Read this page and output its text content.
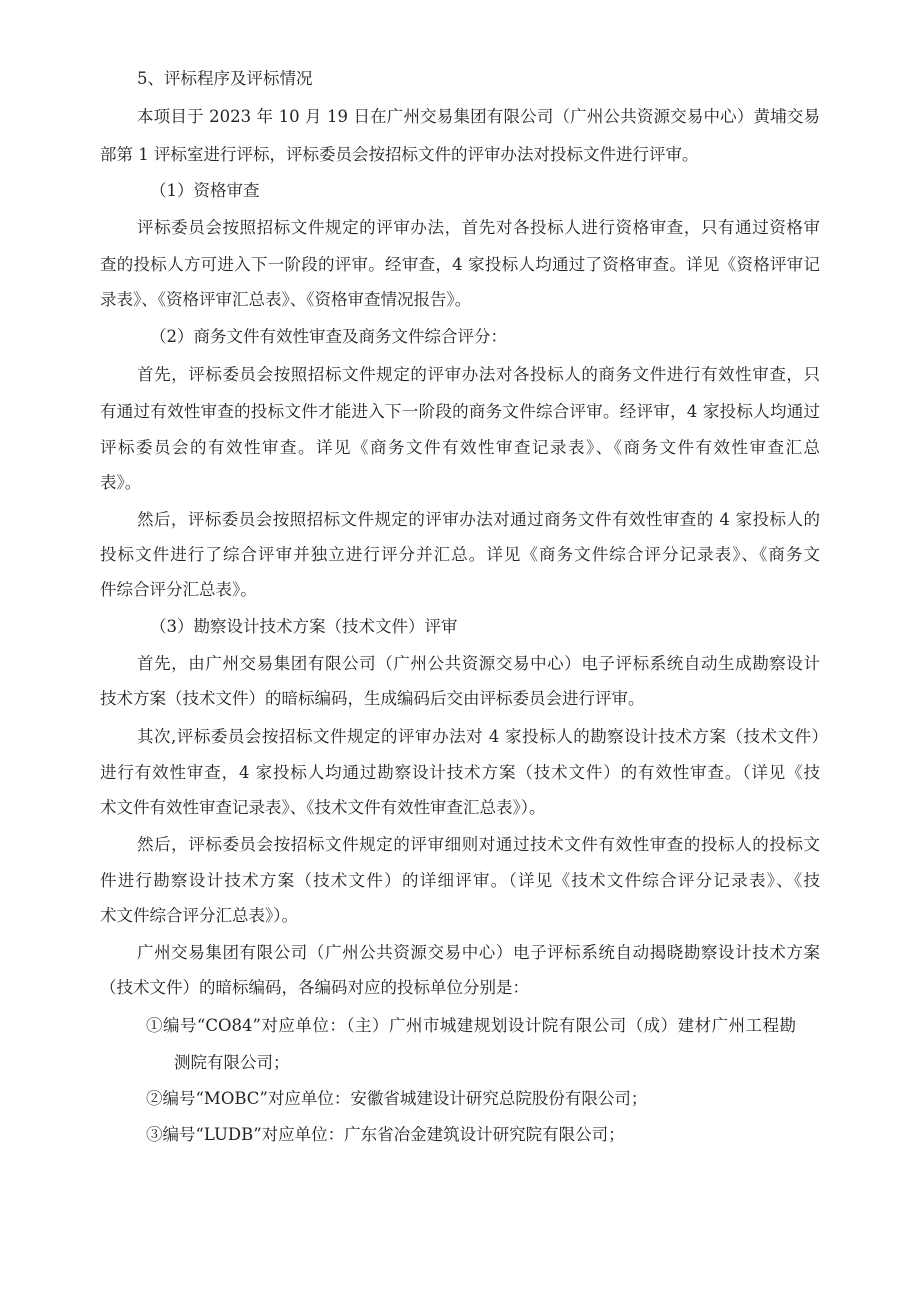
5、评标程序及评标情况
本项目于 2023 年 10 月 19 日在广州交易集团有限公司（广州公共资源交易中心）黄埔交易
部第 1 评标室进行评标，评标委员会按招标文件的评审办法对投标文件进行评审。
（1）资格审查
评标委员会按照招标文件规定的评审办法，首先对各投标人进行资格审查，只有通过资格审
查的投标人方可进入下一阶段的评审。经审查，4 家投标人均通过了资格审查。详见《资格评审记
录表》、《资格评审汇总表》、《资格审查情况报告》。
（2）商务文件有效性审查及商务文件综合评分：
首先，评标委员会按照招标文件规定的评审办法对各投标人的商务文件进行有效性审查，只
有通过有效性审查的投标文件才能进入下一阶段的商务文件综合评审。经评审，4 家投标人均通过
评标委员会的有效性审查。详见《商务文件有效性审查记录表》、《商务文件有效性审查汇总
表》。
然后，评标委员会按照招标文件规定的评审办法对通过商务文件有效性审查的 4 家投标人的
投标文件进行了综合评审并独立进行评分并汇总。详见《商务文件综合评分记录表》、《商务文
件综合评分汇总表》。
（3）勘察设计技术方案（技术文件）评审
首先，由广州交易集团有限公司（广州公共资源交易中心）电子评标系统自动生成勘察设计
技术方案（技术文件）的暗标编码，生成编码后交由评标委员会进行评审。
其次,评标委员会按招标文件规定的评审办法对 4 家投标人的勘察设计技术方案（技术文件）
进行有效性审查，4 家投标人均通过勘察设计技术方案（技术文件）的有效性审查。（详见《技
术文件有效性审查记录表》、《技术文件有效性审查汇总表》）。
然后，评标委员会按招标文件规定的评审细则对通过技术文件有效性审查的投标人的投标文
件进行勘察设计技术方案（技术文件）的详细评审。（详见《技术文件综合评分记录表》、《技
术文件综合评分汇总表》）。
广州交易集团有限公司（广州公共资源交易中心）电子评标系统自动揭晓勘察设计技术方案
（技术文件）的暗标编码，各编码对应的投标单位分别是：
①编号“CO84”对应单位：（主）广州市城建规划设计院有限公司（成）建材广州工程勘
测院有限公司；
②编号“MOBC”对应单位：安徽省城建设计研究总院股份有限公司；
③编号“LUDB”对应单位：广东省冶金建筑设计研究院有限公司；
